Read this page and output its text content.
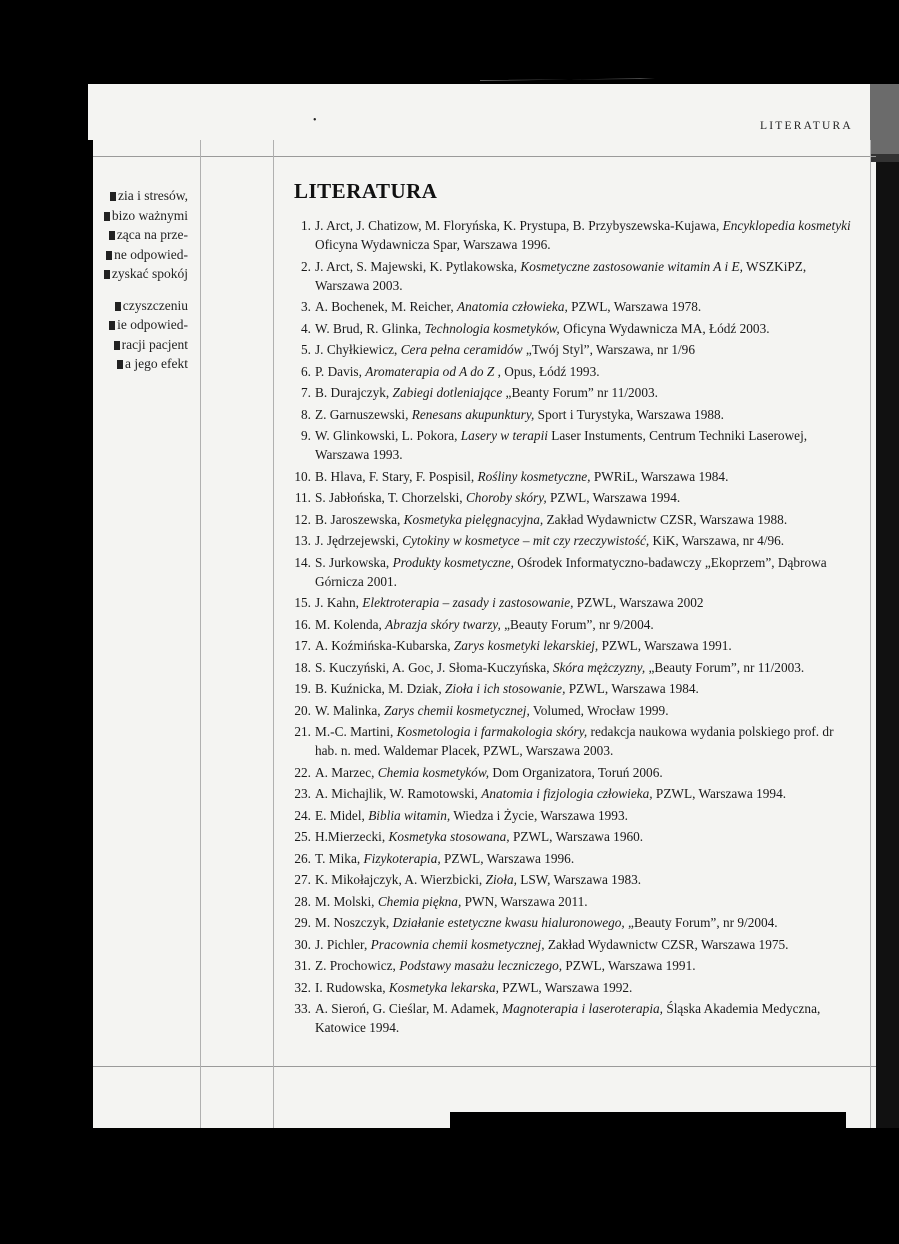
•	LITERATURA
zia i stresów,
bizo ważnymi
ząca na prze-
ne odpowied-
zyskać spokój
czyszczeniu
ie odpowied-
racji pacjent
a jego efekt
LITERATURA
1. J. Arct, J. Chatizow, M. Floryńska, K. Prystupa, B. Przybyszewska-Kujawa, Encyklopedia kosmetyki Oficyna Wydawnicza Spar, Warszawa 1996.
2. J. Arct, S. Majewski, K. Pytlakowska, Kosmetyczne zastosowanie witamin A i E, WSZKiPZ, Warszawa 2003.
3. A. Bochenek, M. Reicher, Anatomia człowieka, PZWL, Warszawa 1978.
4. W. Brud, R. Glinka, Technologia kosmetyków, Oficyna Wydawnicza MA, Łódź 2003.
5. J. Chyłkiewicz, Cera pełna ceramidów „Twój Styl”, Warszawa, nr 1/96
6. P. Davis, Aromaterapia od A do Z , Opus, Łódź 1993.
7. B. Durajczyk, Zabiegi dotleniające „Beanty Forum” nr 11/2003.
8. Z. Garnuszewski, Renesans akupunktury, Sport i Turystyka, Warszawa 1988.
9. W. Glinkowski, L. Pokora, Lasery w terapii Laser Instuments, Centrum Techniki Laserowej, Warszawa 1993.
10. B. Hlava, F. Stary, F. Pospisil, Rośliny kosmetyczne, PWRiL, Warszawa 1984.
11. S. Jabłońska, T. Chorzelski, Choroby skóry, PZWL, Warszawa 1994.
12. B. Jaroszewska, Kosmetyka pielęgnacyjna, Zakład Wydawnictw CZSR, Warszawa 1988.
13. J. Jędrzejewski, Cytokiny w kosmetyce – mit czy rzeczywistość, KiK, Warszawa, nr 4/96.
14. S. Jurkowska, Produkty kosmetyczne, Ośrodek Informatyczno-badawczy „Ekoprzem”, Dąbrowa Górnicza 2001.
15. J. Kahn, Elektroterapia – zasady i zastosowanie, PZWL, Warszawa 2002
16. M. Kolenda, Abrazja skóry twarzy, „Beauty Forum”, nr 9/2004.
17. A. Koźmińska-Kubarska, Zarys kosmetyki lekarskiej, PZWL, Warszawa 1991.
18. S. Kuczyński, A. Goc, J. Słoma-Kuczyńska, Skóra mężczyzny, „Beauty Forum”, nr 11/2003.
19. B. Kuźnicka, M. Dziak, Zioła i ich stosowanie, PZWL, Warszawa 1984.
20. W. Malinka, Zarys chemii kosmetycznej, Volumed, Wrocław 1999.
21. M.-C. Martini, Kosmetologia i farmakologia skóry, redakcja naukowa wydania polskiego prof. dr hab. n. med. Waldemar Placek, PZWL, Warszawa 2003.
22. A. Marzec, Chemia kosmetyków, Dom Organizatora, Toruń 2006.
23. A. Michajlik, W. Ramotowski, Anatomia i fizjologia człowieka, PZWL, Warszawa 1994.
24. E. Midel, Biblia witamin, Wiedza i Życie, Warszawa 1993.
25. H.Mierzecki, Kosmetyka stosowana, PZWL, Warszawa 1960.
26. T. Mika, Fizykoterapia, PZWL, Warszawa 1996.
27. K. Mikołajczyk, A. Wierzbicki, Zioła, LSW, Warszawa 1983.
28. M. Molski, Chemia piękna, PWN, Warszawa 2011.
29. M. Noszczyk, Działanie estetyczne kwasu hialuronowego, „Beauty Forum”, nr 9/2004.
30. J. Pichler, Pracownia chemii kosmetycznej, Zakład Wydawnictw CZSR, Warszawa 1975.
31. Z. Prochowicz, Podstawy masażu leczniczego, PZWL, Warszawa 1991.
32. I. Rudowska, Kosmetyka lekarska, PZWL, Warszawa 1992.
33. A. Sieroń, G. Cieślar, M. Adamek, Magnoterapia i laseroterapia, Śląska Akademia Medyczna, Katowice 1994.
